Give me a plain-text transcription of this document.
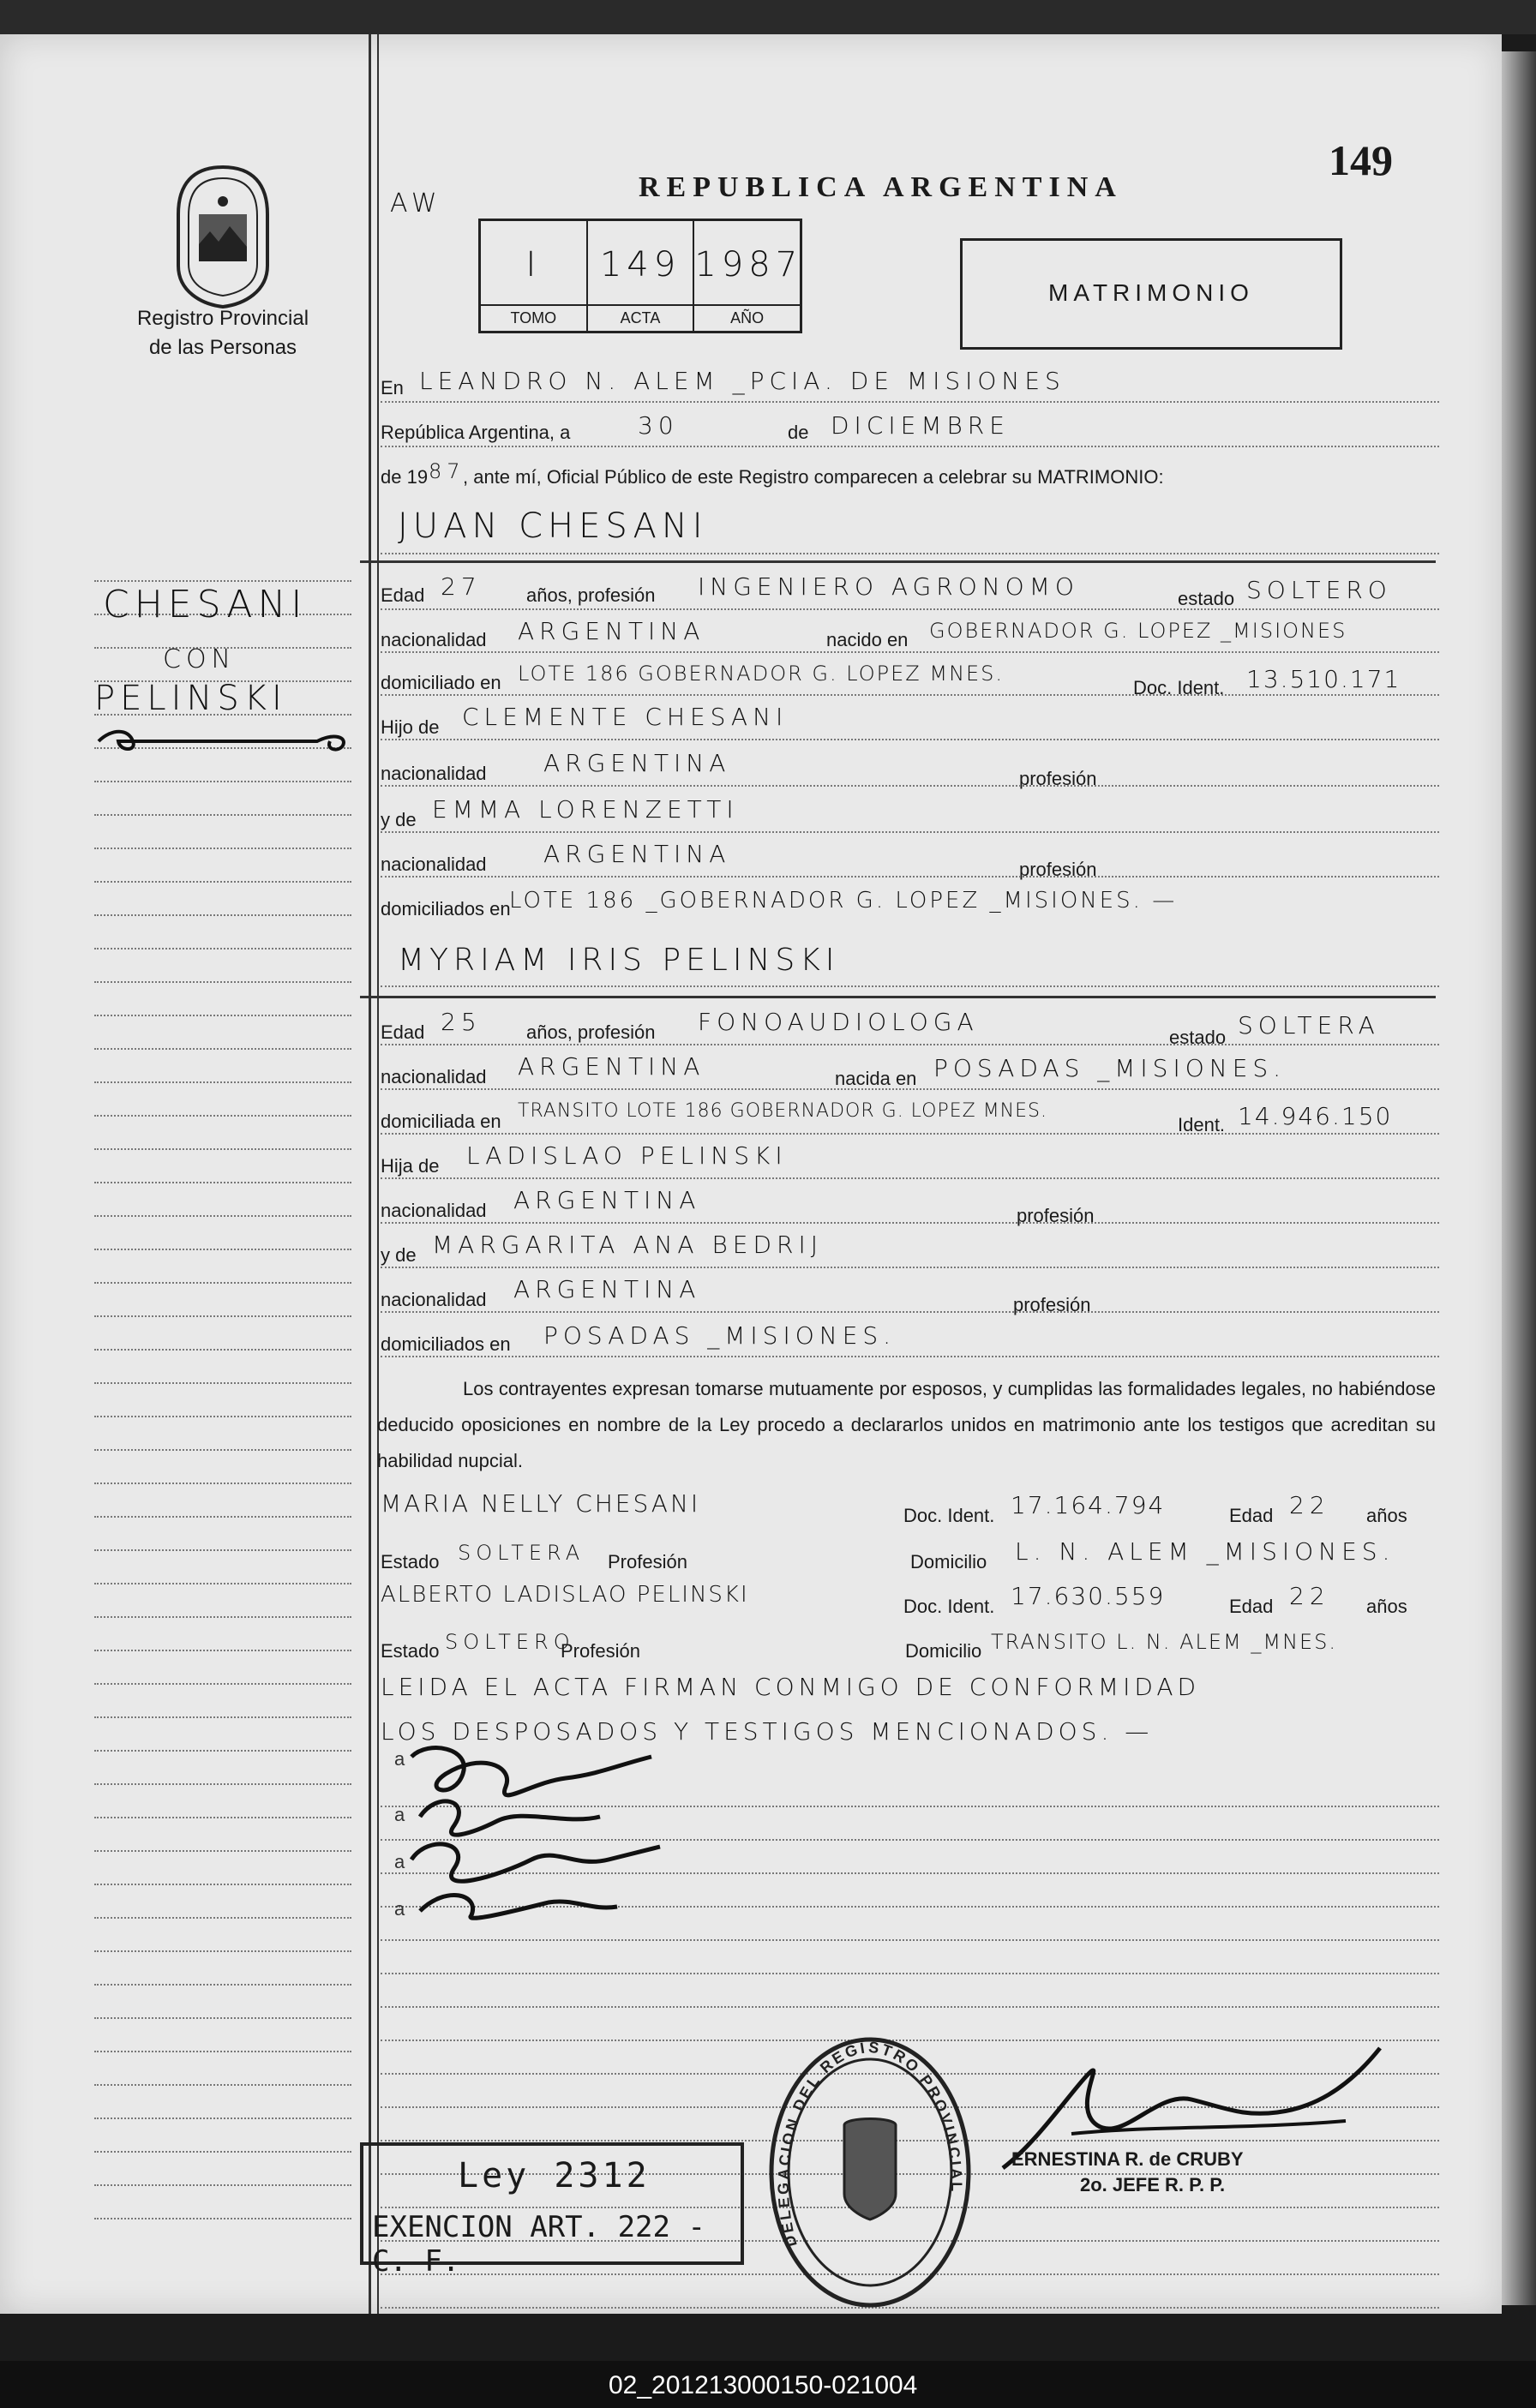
Registro Provincial
de las Personas
CHESANI
CON
PELINSKI
AW
REPUBLICA ARGENTINA
149
I
TOMO
149
ACTA
1987
AÑO
MATRIMONIO
En LEANDRO N. ALEM _PCIA. DE MISIONES
República Argentina, a	30	de DICIEMBRE
de 19 87
, ante mí, Oficial Público de este Registro comparecen a celebrar su MATRIMONIO:
JUAN CHESANI
Edad 27 años, profesión INGENIERO AGRONOMO	estado SOLTERO
nacionalidad ARGENTINA	nacido en GOBERNADOR G. LOPEZ _MISIONES
domiciliado en LOTE 186 GOBERNADOR G. LOPEZ MNES.
Doc. Ident. 13.510.171
Hijo de CLEMENTE CHESANI
nacionalidad ARGENTINA
profesión
y de EMMA LORENZETTI
nacionalidad ARGENTINA
profesión
domiciliados en
LOTE 186 _GOBERNADOR G. LOPEZ _MISIONES. —
MYRIAM IRIS PELINSKI
Edad 25 años, profesión FONOAUDIOLOGA
estado SOLTERA
nacionalidad ARGENTINA	nacida en POSADAS _MISIONES.
domiciliada en TRANSITO LOTE 186 GOBERNADOR G. LOPEZ MNES.
Ident. 14.946.150
Hija de LADISLAO PELINSKI
nacionalidad ARGENTINA
profesión
y de MARGARITA ANA BEDRIJ
nacionalidad ARGENTINA
profesión
domiciliados en POSADAS _MISIONES.
Los contrayentes expresan tomarse mutuamente por esposos, y cumplidas las formalidades legales, no habiéndose deducido oposiciones en nombre de la Ley procedo a declararlos unidos en matrimonio ante los testigos que acreditan su habilidad nupcial.
MARIA NELLY CHESANI	Doc. Ident. 17.164.794	Edad 22 años
Estado SOLTERA Profesión	Domicilio L. N. ALEM _MISIONES.
ALBERTO LADISLAO PELINSKI	Doc. Ident. 17.630.559	Edad 22 años
Estado SOLTERO
Profesión	Domicilio TRANSITO L. N. ALEM _MNES.
LEIDA EL ACTA FIRMAN CONMIGO DE CONFORMIDAD
LOS DESPOSADOS Y TESTIGOS MENCIONADOS. —
a
a
a
a
Ley 2312
EXENCION ART. 222 - C. F.
DELEGACION DEL REGISTRO PROVINCIAL
ERNESTINA R. de CRUBY
2o. JEFE R. P. P.
02_201213000150-021004
